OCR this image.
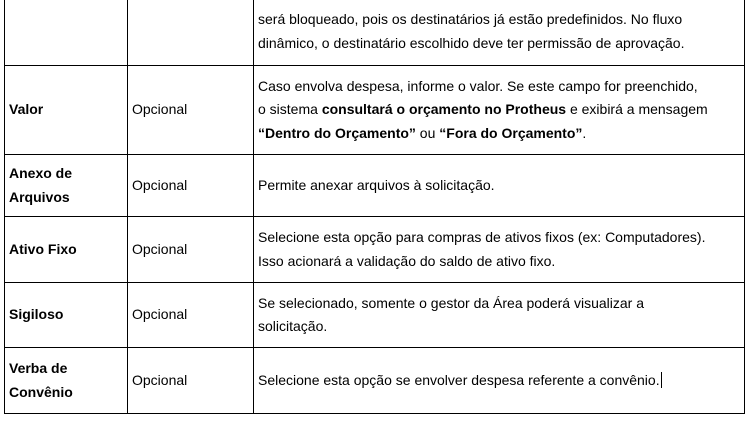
		será bloqueado, pois os destinatários já estão predefinidos. No fluxo
dinâmico, o destinatário escolhido deve ter permissão de aprovação.
Valor	Opcional	Caso envolva despesa, informe o valor. Se este campo for preenchido,
o sistema consultará o orçamento no Protheus e exibirá a mensagem
“Dentro do Orçamento” ou “Fora do Orçamento”.
Anexo de
Arquivos	Opcional	Permite anexar arquivos à solicitação.
Ativo Fixo	Opcional	Selecione esta opção para compras de ativos fixos (ex: Computadores).
Isso acionará a validação do saldo de ativo fixo.
Sigiloso	Opcional	Se selecionado, somente o gestor da Área poderá visualizar a
solicitação.
Verba de
Convênio	Opcional	Selecione esta opção se envolver despesa referente a convênio.
